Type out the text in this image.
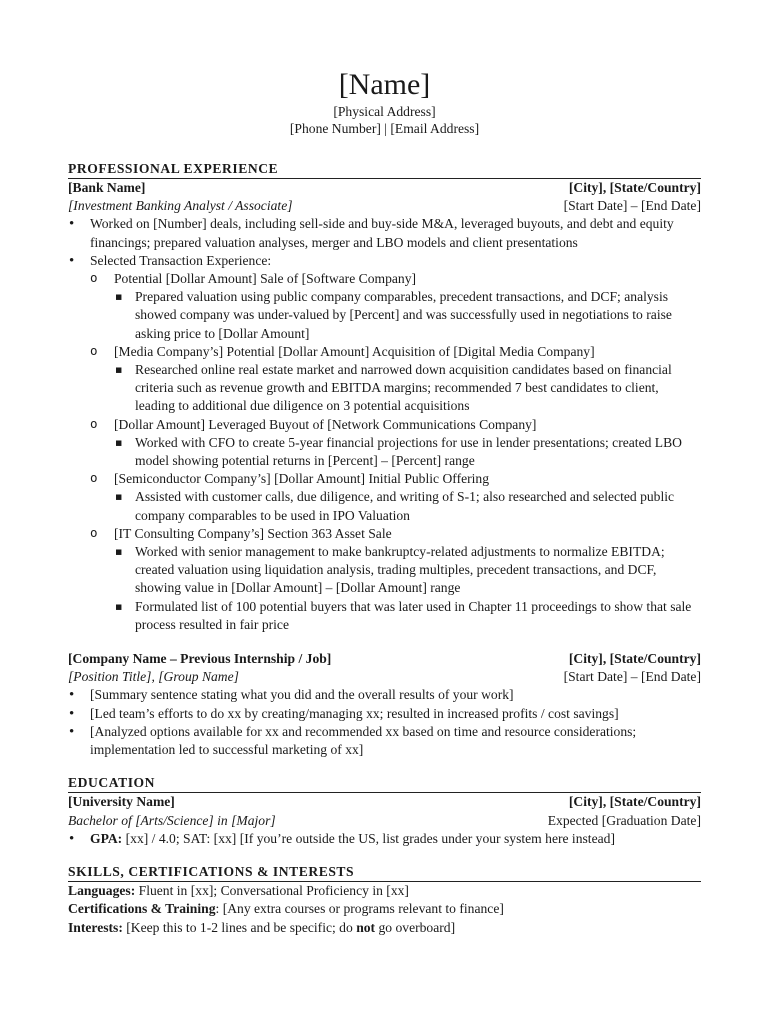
[Name]
[Physical Address]
[Phone Number] | [Email Address]
PROFESSIONAL EXPERIENCE
[Bank Name]	[City], [State/Country]
[Investment Banking Analyst / Associate]	[Start Date] – [End Date]
• Worked on [Number] deals, including sell-side and buy-side M&A, leveraged buyouts, and debt and equity financings; prepared valuation analyses, merger and LBO models and client presentations
• Selected Transaction Experience:
o Potential [Dollar Amount] Sale of [Software Company]
▪ Prepared valuation using public company comparables, precedent transactions, and DCF; analysis showed company was under-valued by [Percent] and was successfully used in negotiations to raise asking price to [Dollar Amount]
o [Media Company’s] Potential [Dollar Amount] Acquisition of [Digital Media Company]
▪ Researched online real estate market and narrowed down acquisition candidates based on financial criteria such as revenue growth and EBITDA margins; recommended 7 best candidates to client, leading to additional due diligence on 3 potential acquisitions
o [Dollar Amount] Leveraged Buyout of [Network Communications Company]
▪ Worked with CFO to create 5-year financial projections for use in lender presentations; created LBO model showing potential returns in [Percent] – [Percent] range
o [Semiconductor Company’s] [Dollar Amount] Initial Public Offering
▪ Assisted with customer calls, due diligence, and writing of S-1; also researched and selected public company comparables to be used in IPO Valuation
o [IT Consulting Company’s] Section 363 Asset Sale
▪ Worked with senior management to make bankruptcy-related adjustments to normalize EBITDA; created valuation using liquidation analysis, trading multiples, precedent transactions, and DCF, showing value in [Dollar Amount] – [Dollar Amount] range
▪ Formulated list of 100 potential buyers that was later used in Chapter 11 proceedings to show that sale process resulted in fair price
[Company Name – Previous Internship / Job]	[City], [State/Country]
[Position Title], [Group Name]	[Start Date] – [End Date]
• [Summary sentence stating what you did and the overall results of your work]
• [Led team’s efforts to do xx by creating/managing xx; resulted in increased profits / cost savings]
• [Analyzed options available for xx and recommended xx based on time and resource considerations; implementation led to successful marketing of xx]
EDUCATION
[University Name]	[City], [State/Country]
Bachelor of [Arts/Science] in [Major]	Expected [Graduation Date]
• GPA: [xx] / 4.0; SAT: [xx] [If you’re outside the US, list grades under your system here instead]
SKILLS, CERTIFICATIONS & INTERESTS

Languages: Fluent in [xx]; Conversational Proficiency in [xx]

Certifications & Training: [Any extra courses or programs relevant to finance]

Interests: [Keep this to 1-2 lines and be specific; do not go overboard]
